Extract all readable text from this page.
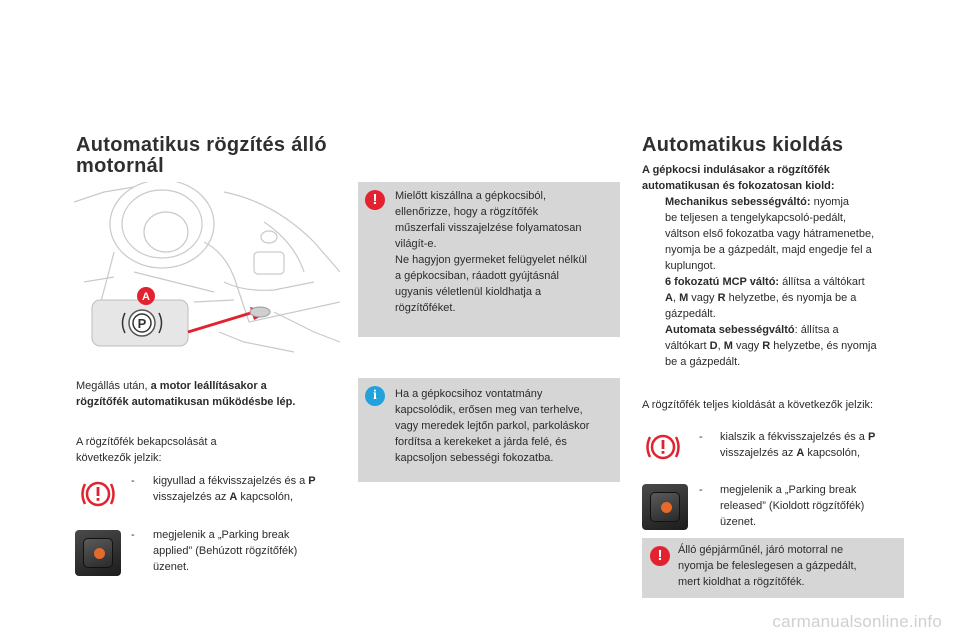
Automatikus rögzítés álló
motornál
P
A
Megállás után, a motor leállításakor a
rögzítőfék automatikusan működésbe lép.
A rögzítőfék bekapcsolását a
következők jelzik:
- kigyullad a fékvisszajelzés és a P
visszajelzés az A kapcsolón,
- megjelenik a „Parking break
applied” (Behúzott rögzítőfék)
üzenet.
!	Mielőtt kiszállna a gépkocsiból,
ellenőrizze, hogy a rögzítőfék
műszerfali visszajelzése folyamatosan
világít-e.
Ne hagyjon gyermeket felügyelet nélkül
a gépkocsiban, ráadott gyújtásnál
ugyanis véletlenül kioldhatja a
rögzítőféket.
i	Ha a gépkocsihoz vontatmány
kapcsolódik, erősen meg van terhelve,
vagy meredek lejtőn parkol, parkoláskor
fordítsa a kerekeket a járda felé, és
kapcsoljon sebességi fokozatba.
Automatikus kioldás
A gépkocsi indulásakor a rögzítőfék
automatikusan és fokozatosan kiold:
Mechanikus sebességváltó: nyomja
be teljesen a tengelykapcsoló-pedált,
váltson első fokozatba vagy hátramenetbe,
nyomja be a gázpedált, majd engedje fel a
kuplungot.
6 fokozatú MCP váltó: állítsa a váltókart
A, M vagy R helyzetbe, és nyomja be a
gázpedált.
Automata sebességváltó: állítsa a
váltókart D, M vagy R helyzetbe, és nyomja
be a gázpedált.
A rögzítőfék teljes kioldását a következők jelzik:
- kialszik a fékvisszajelzés és a P
visszajelzés az A kapcsolón,
- megjelenik a „Parking break
released” (Kioldott rögzítőfék)
üzenet.
!	Álló gépjárműnél, járó motorral ne
nyomja be feleslegesen a gázpedált,
mert kioldhat a rögzítőfék.
carmanualsonline.info
